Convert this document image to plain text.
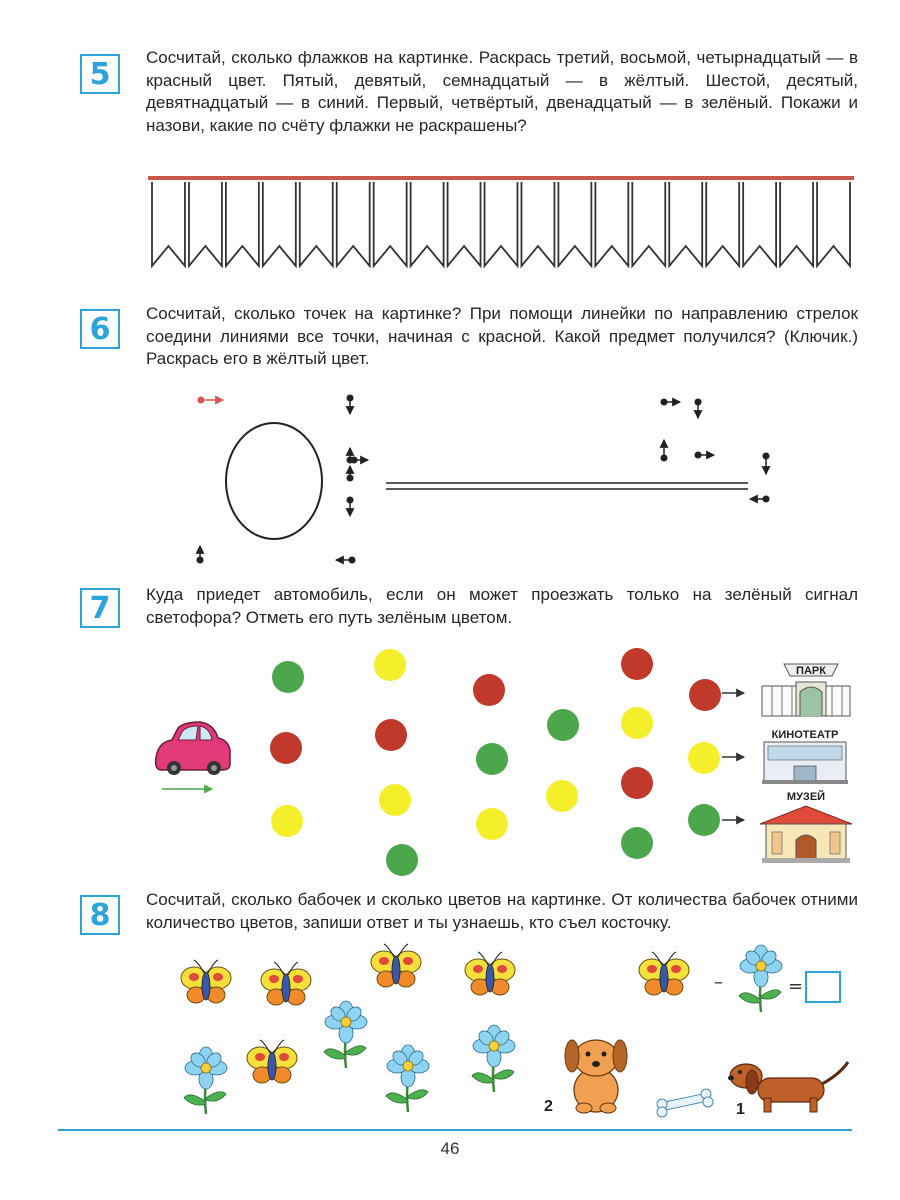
5
6
7
8
Сосчитай, сколько флажков на картинке. Раскрась третий, восьмой, четырнадцатый — в красный цвет. Пятый, девятый, семнадцатый — в жёлтый. Шестой, десятый, девятнадцатый — в синий. Первый, четвёртый, двенадцатый — в зелёный. Покажи и назови, какие по счёту флажки не раскрашены?
Сосчитай, сколько точек на картинке? При помощи линейки по направлению стрелок соедини линиями все точки, начиная с красной. Какой предмет получился? (Ключик.) Раскрась его в жёлтый цвет.
Куда приедет автомобиль, если он может проезжать только на зелёный сигнал светофора? Отметь его путь зелёным цветом.
Сосчитай, сколько бабочек и сколько цветов на картинке. От количества бабочек отними количество цветов, запиши ответ и ты узнаешь, кто съел косточку.
ПАРК
КИНОТЕАТР
МУЗЕЙ
–	=
2	1
46
